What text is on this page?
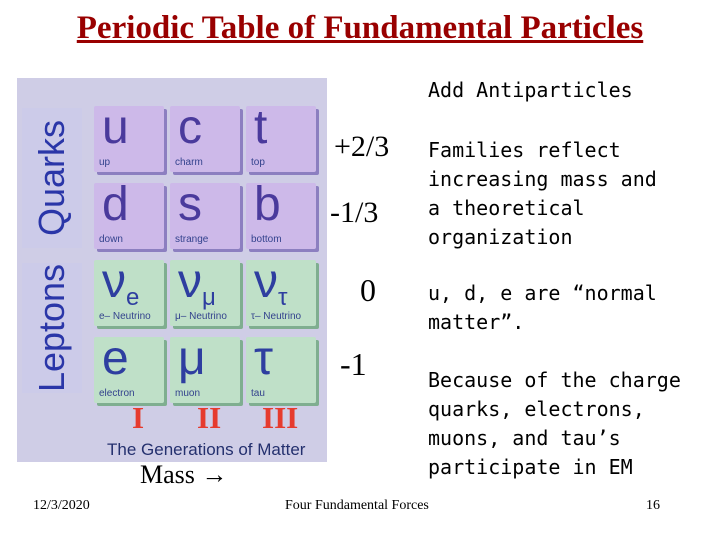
Periodic Table of Fundamental Particles
Quarks
Leptons
u
up
c
charm
t
top
d
down
s
strange
b
bottom
$\nu_e$
e– Neutrino
$\nu_\mu$
μ– Neutrino
$\nu_\tau$
τ– Neutrino
e
electron
μ
muon
τ
tau
I II III
The Generations of Matter
Mass →
+2/3
-1/3
0
-1
Add Antiparticles
Families reflect
increasing mass and
a theoretical
organization
u, d, e are “normal
matter”.
Because of the charge
quarks, electrons,
muons, and tau’s
participate in EM
12/3/2020	Four Fundamental Forces	16
